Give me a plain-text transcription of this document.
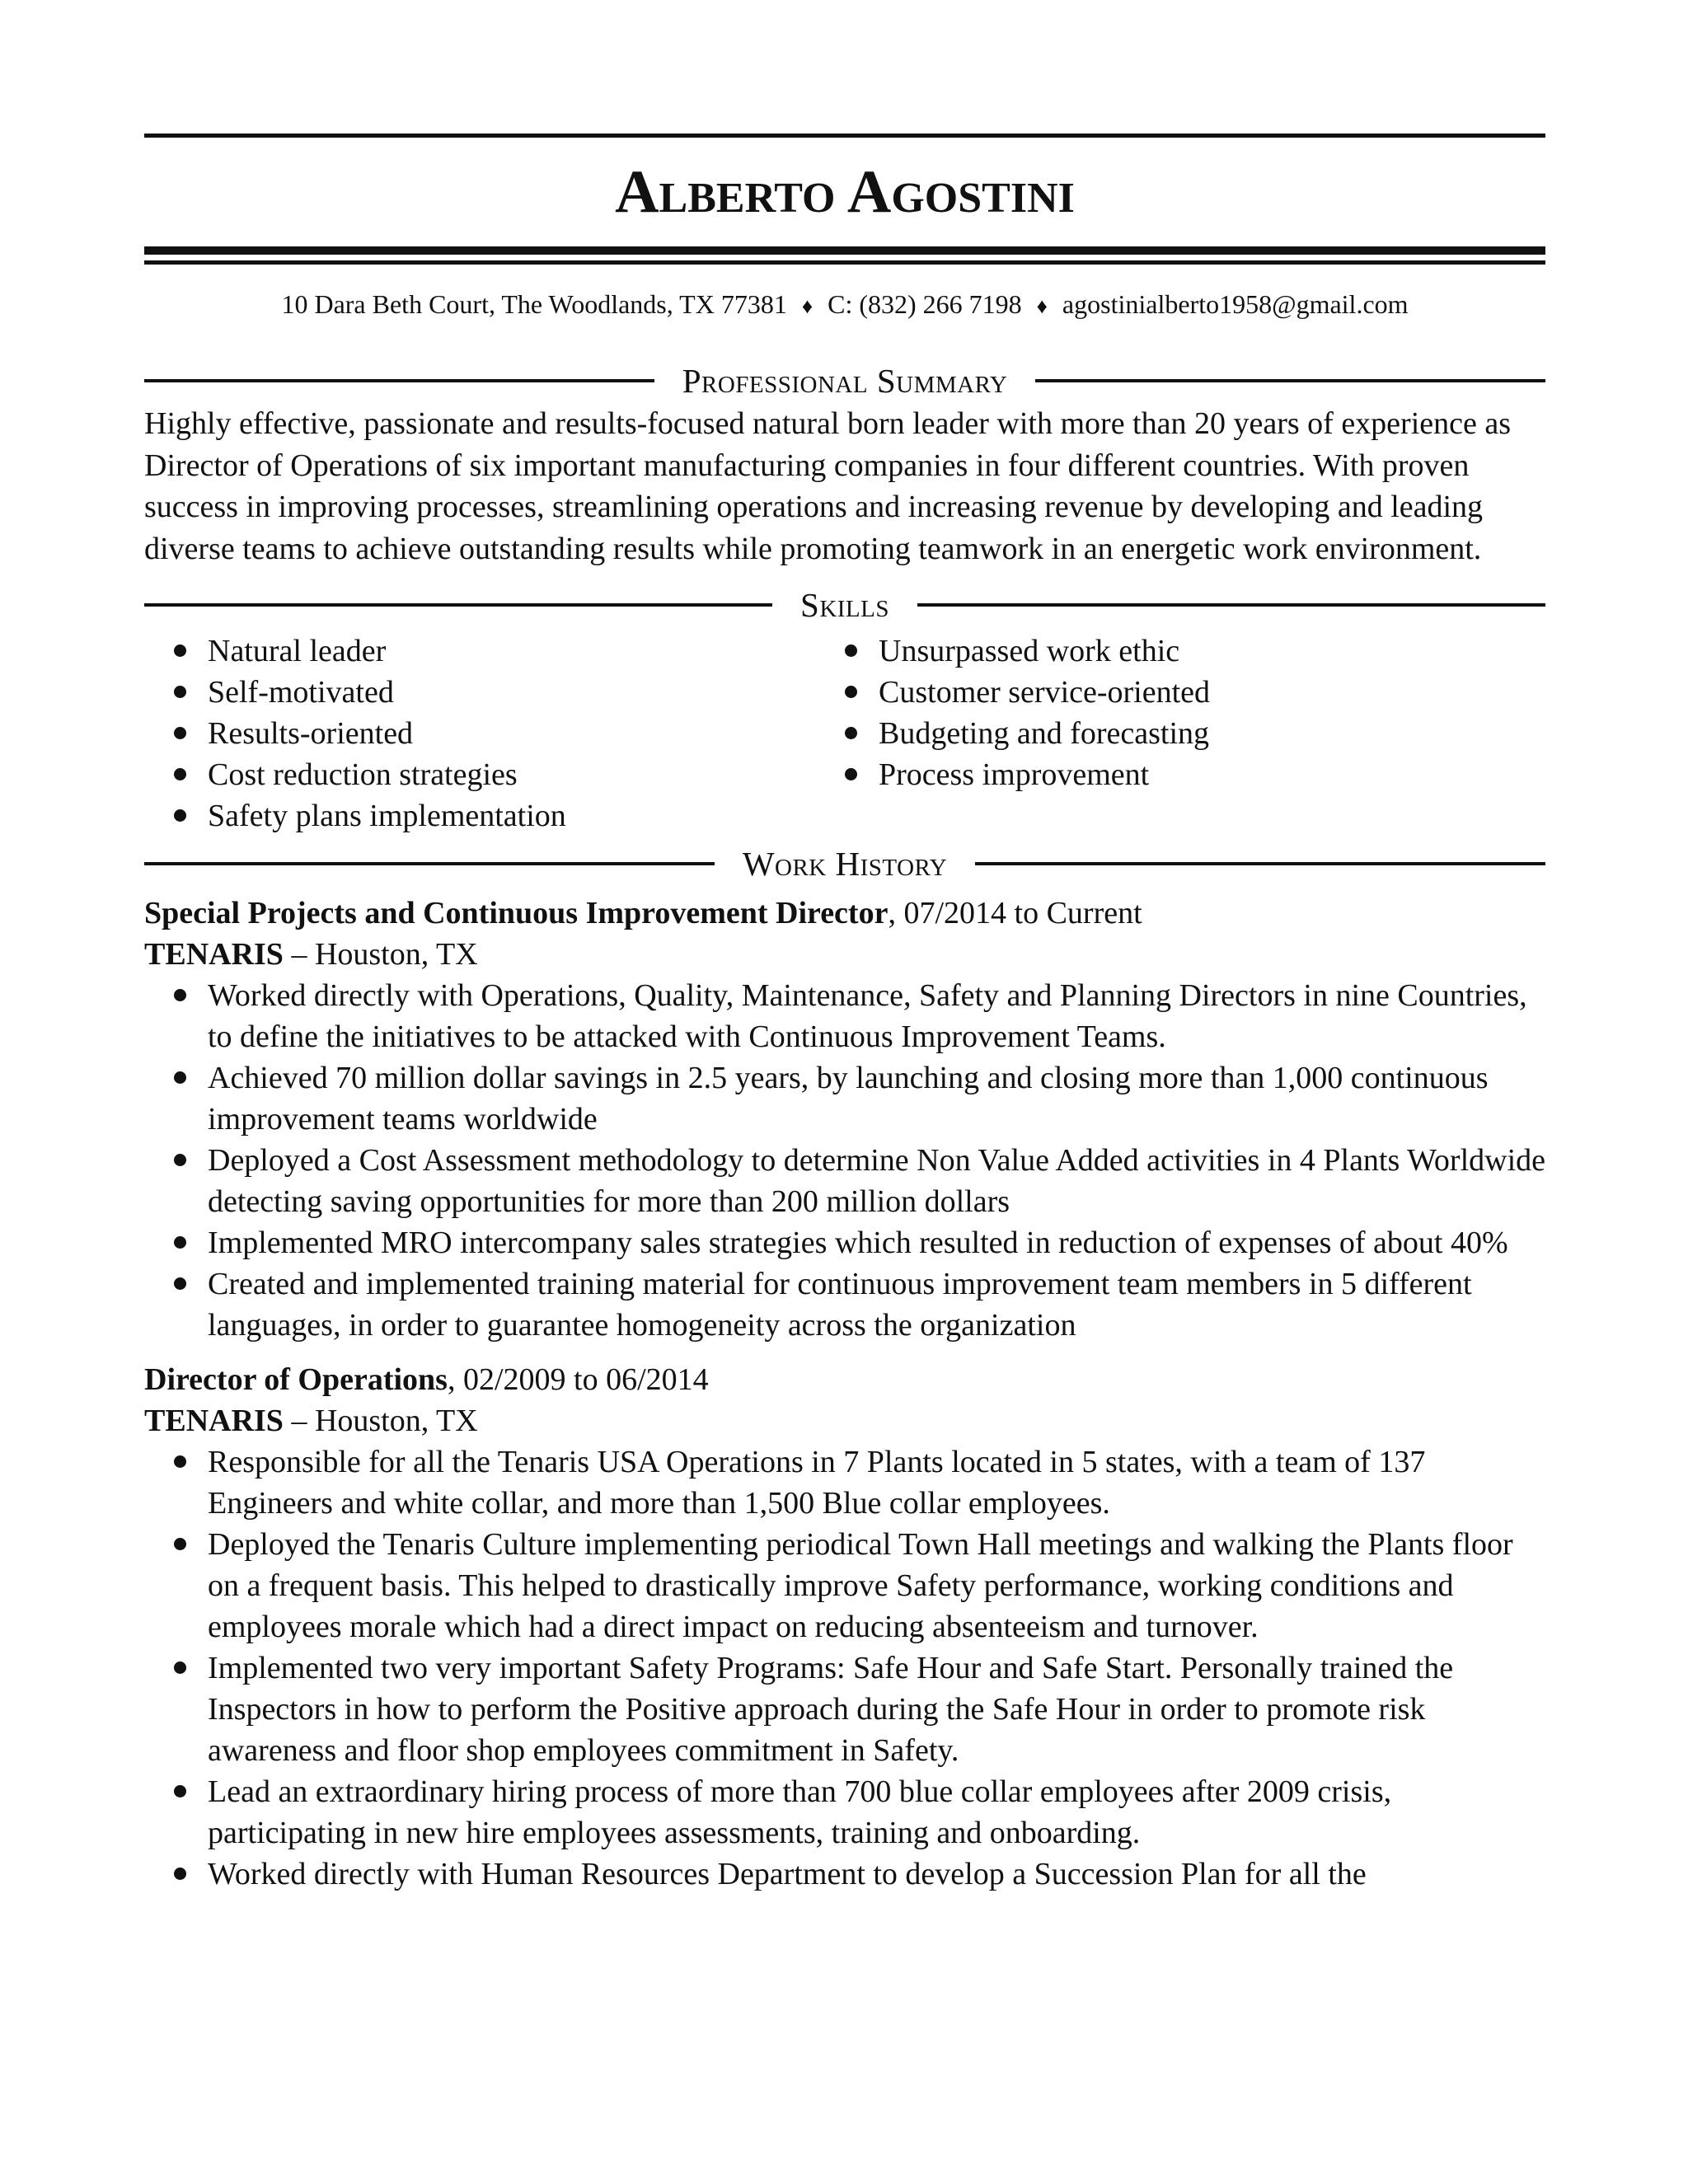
Alberto Agostini
10 Dara Beth Court, The Woodlands, TX 77381 ♦ C: (832) 266 7198 ♦ agostinialberto1958@gmail.com
Professional Summary
Highly effective, passionate and results-focused natural born leader with more than 20 years of experience as Director of Operations of six important manufacturing companies in four different countries. With proven success in improving processes, streamlining operations and increasing revenue by developing and leading diverse teams to achieve outstanding results while promoting teamwork in an energetic work environment.
Skills
Natural leader
Self-motivated
Results-oriented
Cost reduction strategies
Safety plans implementation
Unsurpassed work ethic
Customer service-oriented
Budgeting and forecasting
Process improvement
Work History
Special Projects and Continuous Improvement Director, 07/2014 to Current
TENARIS – Houston, TX
Worked directly with Operations, Quality, Maintenance, Safety and Planning Directors in nine Countries, to define the initiatives to be attacked with Continuous Improvement Teams.
Achieved 70 million dollar savings in 2.5 years, by launching and closing more than 1,000 continuous improvement teams worldwide
Deployed a Cost Assessment methodology to determine Non Value Added activities in 4 Plants Worldwide detecting saving opportunities for more than 200 million dollars
Implemented MRO intercompany sales strategies which resulted in reduction of expenses of about 40%
Created and implemented training material for continuous improvement team members in 5 different languages, in order to guarantee homogeneity across the organization
Director of Operations, 02/2009 to 06/2014
TENARIS – Houston, TX
Responsible for all the Tenaris USA Operations in 7 Plants located in 5 states, with a team of 137 Engineers and white collar, and more than 1,500 Blue collar employees.
Deployed the Tenaris Culture implementing periodical Town Hall meetings and walking the Plants floor on a frequent basis. This helped to drastically improve Safety performance, working conditions and employees morale which had a direct impact on reducing absenteeism and turnover.
Implemented two very important Safety Programs: Safe Hour and Safe Start. Personally trained the Inspectors in how to perform the Positive approach during the Safe Hour in order to promote risk awareness and floor shop employees commitment in Safety.
Lead an extraordinary hiring process of more than 700 blue collar employees after 2009 crisis, participating in new hire employees assessments, training and onboarding.
Worked directly with Human Resources Department to develop a Succession Plan for all the
